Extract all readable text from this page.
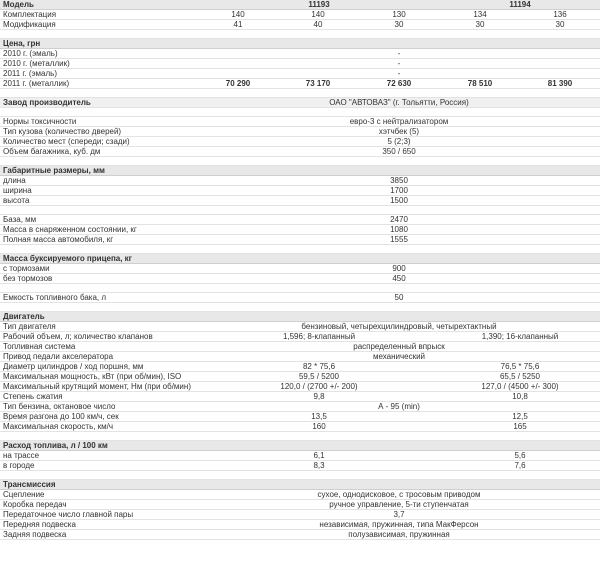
Модель	11193			11194	
Комплектация	140	140	130	134	136
Модификация	41	40	30	30	30

Цена, грн					
2010 г. (эмаль)	-				
2010 г. (металлик)	-				
2011 г. (эмаль)	-				
2011 г. (металлик)	70 290	73 170	72 630	78 510	81 390

Завод производитель	ОАО "АВТОВАЗ" (г. Тольятти, Россия)				

Нормы токсичности	евро-3 с нейтрализатором				
Тип кузова (количество дверей)	хэтчбек (5)				
Количество мест (спереди; сзади)	5 (2;3)				
Объем багажника, куб. дм	350 / 650				

Габаритные размеры, мм					
длина	3850				
ширина	1700				
высота	1500				

База, мм	2470				
Масса в снаряженном состоянии, кг	1080				
Полная масса автомобиля, кг	1555				

Масса буксируемого прицепа, кг					
с тормозами	900				
без тормозов	450				

Емкость топливного бака, л	50				

Двигатель					
Тип двигателя	бензиновый, четырехцилиндровый, четырехтактный				
Рабочий объем, л; количество клапанов	1,596; 8-клапанный			1,390; 16-клапанный	
Топливная система	распределенный впрыск				
Привод педали акселератора	механический				
Диаметр цилиндров / ход поршня, мм	82 * 75,6			76,5 * 75,6	
Максимальная мощность, кВт (при об/мин), ISO	59,5 / 5200			65,5 / 5250	
Максимальный крутящий момент, Нм (при об/мин)	120,0 / (2700 +/- 200)			127,0 / (4500 +/- 300)	
Степень сжатия	9,8			10,8	
Тип бензина, октановое число	А - 95 (min)				
Время разгона до 100 км/ч, сек	13,5			12,5	
Максимальная скорость, км/ч	160			165	

Расход топлива, л / 100 км					
на трассе	6,1			5,6	
в городе	8,3			7,6	

Трансмиссия					
Сцепление	сухое, однодисковое, с тросовым приводом				
Коробка передач	ручное управление, 5-ти ступенчатая				
Передаточное число главной пары	3,7				
Передняя подвеска	независимая, пружинная, типа МакФерсон				
Задняя подвеска	полузависимая, пружинная				
